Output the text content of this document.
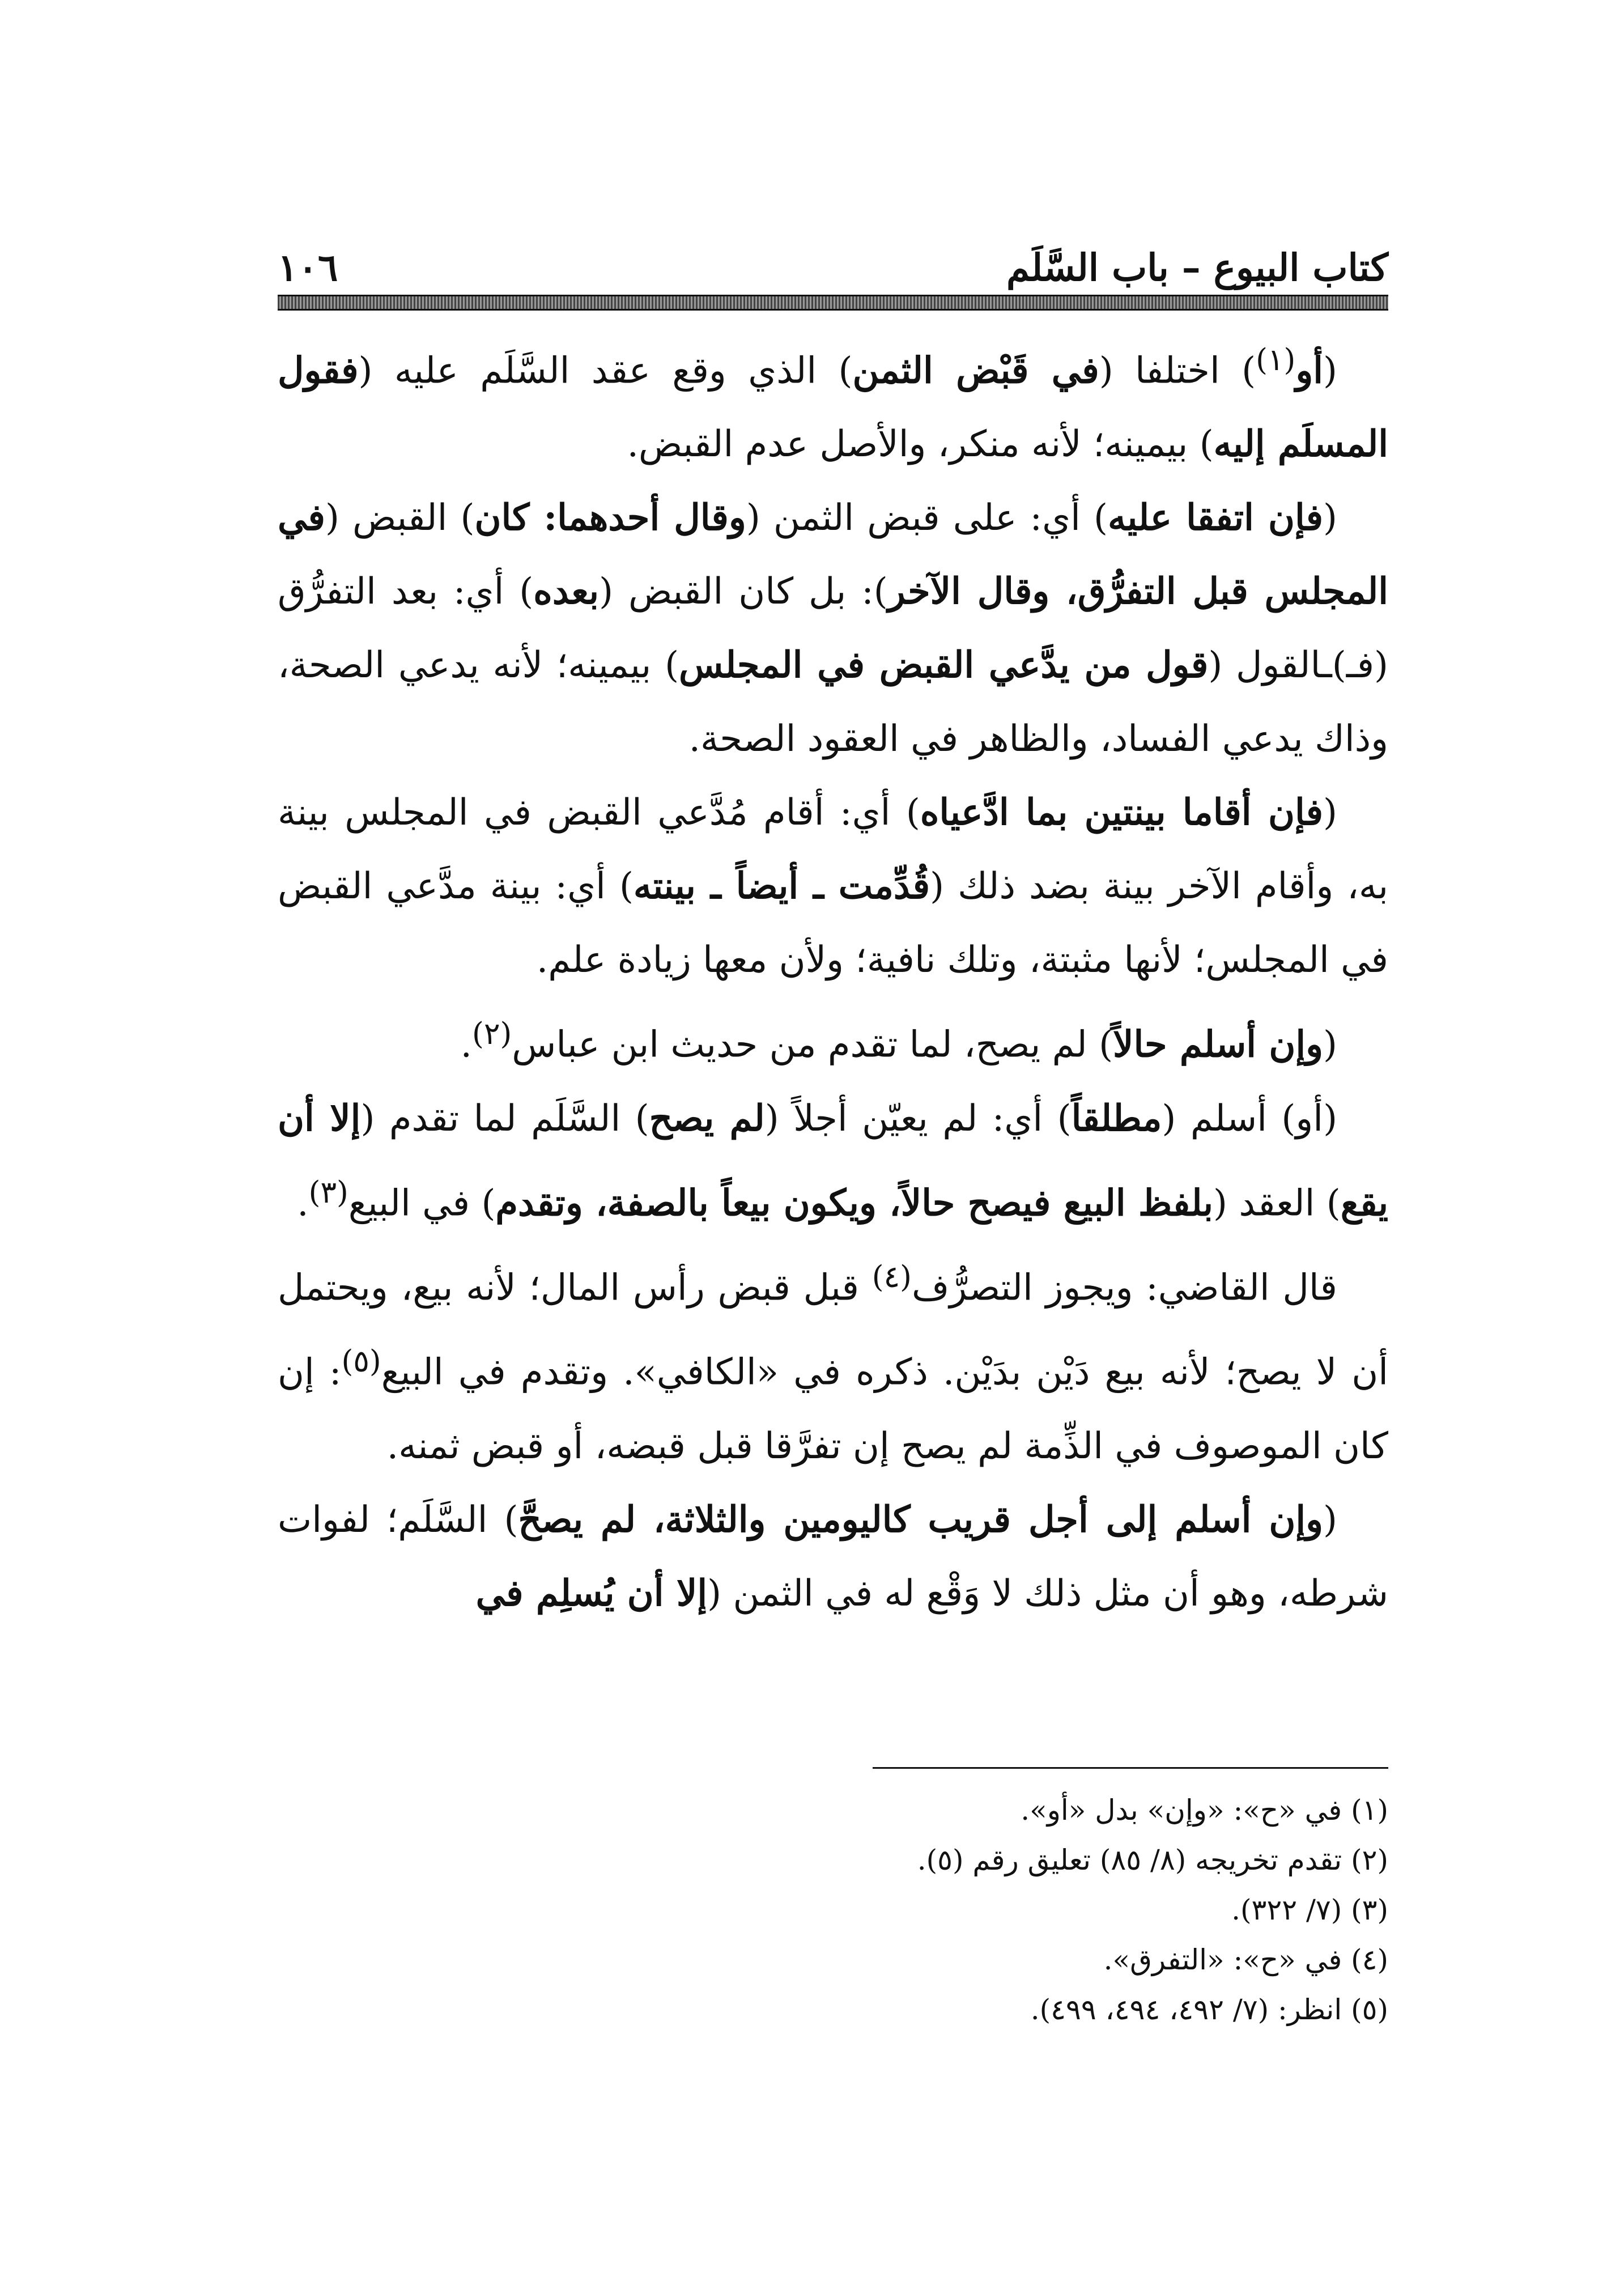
كتاب البيوع – باب السَّلَم
١٠٦

(أو$^{(١)}$) اختلفا (في قَبْض الثمن) الذي وقع عقد السَّلَم عليه (فقول المسلَم إليه) بيمينه؛ لأنه منكر، والأصل عدم القبض.

(فإن اتفقا عليه) أي: على قبض الثمن (وقال أحدهما: كان) القبض (في المجلس قبل التفرُّق، وقال الآخر): بل كان القبض (بعده) أي: بعد التفرُّق (فـ)ـالقول (قول من يدَّعي القبض في المجلس) بيمينه؛ لأنه يدعي الصحة، وذاك يدعي الفساد، والظاهر في العقود الصحة.

(فإن أقاما بينتين بما ادَّعياه) أي: أقام مُدَّعي القبض في المجلس بينة به، وأقام الآخر بينة بضد ذلك (قُدِّمت ـ أيضاً ـ بينته) أي: بينة مدَّعي القبض في المجلس؛ لأنها مثبتة، وتلك نافية؛ ولأن معها زيادة علم.

(وإن أسلم حالاً) لم يصح، لما تقدم من حديث ابن عباس$^{(٢)}$.

(أو) أسلم (مطلقاً) أي: لم يعيّن أجلاً (لم يصح) السَّلَم لما تقدم (إلا أن يقع) العقد (بلفظ البيع فيصح حالاً، ويكون بيعاً بالصفة، وتقدم) في البيع$^{(٣)}$.

قال القاضي: ويجوز التصرُّف$^{(٤)}$ قبل قبض رأس المال؛ لأنه بيع، ويحتمل أن لا يصح؛ لأنه بيع دَيْن بدَيْن. ذكره في «الكافي». وتقدم في البيع$^{(٥)}$: إن كان الموصوف في الذِّمة لم يصح إن تفرَّقا قبل قبضه، أو قبض ثمنه.

(وإن أسلم إلى أجل قريب كاليومين والثلاثة، لم يصحَّ) السَّلَم؛ لفوات شرطه، وهو أن مثل ذلك لا وَقْع له في الثمن (إلا أن يُسلِم في

(١) في «ح»: «وإن» بدل «أو».
(٢) تقدم تخريجه (٨/ ٨٥) تعليق رقم (٥).
(٣) (٧/ ٣٢٢).
(٤) في «ح»: «التفرق».
(٥) انظر: (٧/ ٤٩٢، ٤٩٤، ٤٩٩).
